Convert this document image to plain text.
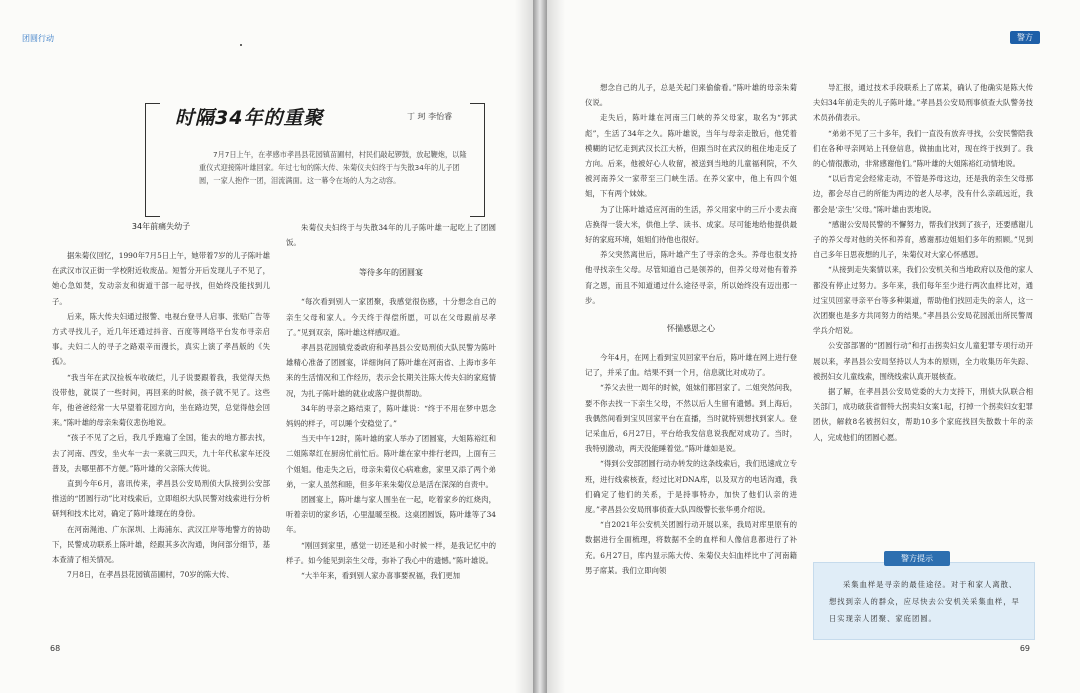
团圆行动
时隔34年的重聚	丁 珂 李怡睿
7月7日上午，在孝感市孝昌县花园镇苗圃村，村民们敲起锣鼓，放起鞭炮，以隆重仪式迎接陈叶雄回家。年过七旬的陈大传、朱菊仪夫妇终于与失散34年的儿子团圆，一家人抱作一团，泪流满面。这一幕令在场的人为之动容。
34年前痛失幼子

据朱菊仪回忆，1990年7月5日上午，她带着7岁的儿子陈叶雄在武汉市汉正街一学校附近收废品。短暂分开后发现儿子不见了，她心急如焚，发动亲友和街道干部一起寻找，但始终没能找到儿子。

后来，陈大传夫妇通过报警、电视台登寻人启事、张贴广告等方式寻找儿子，近几年还通过抖音、百度等网络平台发布寻亲启事。夫妇二人的寻子之路艰辛而漫长，真实上演了孝昌版的《失孤》。

“我当年在武汉捡板车收破烂，儿子说要跟着我，我觉得天热没带他，就误了一些时间，再回来的时候，孩子就不见了。这些年，他爸爸经常一大早望着花园方向，坐在路边哭，总觉得他会回来。”陈叶雄的母亲朱菊仪悲伤地说。

“孩子不见了之后，我几乎跑遍了全国，能去的地方都去找，去了河南、西安，坐火车一去一来就三四天，九十年代私家车还没普及，去哪里都不方便。”陈叶雄的父亲陈大传说。

直到今年6月，喜讯传来，孝昌县公安局刑侦大队接到公安部推送的“团圆行动”比对线索后，立即组织大队民警对线索进行分析研判和技术比对，确定了陈叶雄现在的身份。

在河南渑池、广东深圳、上海浦东、武汉江岸等地警方的协助下，民警成功联系上陈叶雄，经跟其多次沟通，询问部分细节，基本查清了相关情况。

7月8日，在孝昌县花园镇苗圃村，70岁的陈大传、

朱菊仪夫妇终于与失散34年的儿子陈叶雄一起吃上了团圆饭。

等待多年的团圆宴

“每次看到别人一家团聚，我感觉很伤感，十分想念自己的亲生父母和家人。今天终于得偿所愿，可以在父母跟前尽孝了。”见到双亲，陈叶雄这样感叹道。

孝昌县花园镇党委政府和孝昌县公安局刑侦大队民警为陈叶雄精心准备了团圆宴，详细询问了陈叶雄在河南省、上海市多年来的生活情况和工作经历，表示会长期关注陈大传夫妇的家庭情况，为扎子陈叶雄的就业或落户提供帮助。

34年的寻亲之路结束了，陈叶雄说：“终于不用在梦中思念妈妈的样子，可以睡个安稳觉了。”

当天中午12时，陈叶雄的家人举办了团圆宴，大姐陈裕红和二姐陈翠红在厨房忙前忙后。陈叶雄在家中排行老四，上面有三个姐姐。他走失之后，母亲朱菊仪心病难愈，家里又添了两个弟弟，一家人虽然和睦，但多年来朱菊仪总是活在深深的自责中。

团圆宴上，陈叶雄与家人围坐在一起，吃着家乡的红烧肉，听着亲切的家乡话，心里温暖至极。这桌团圆饭，陈叶雄等了34年。

“刚回到家里，感觉一切还是和小时候一样，是我记忆中的样子。如今能见到亲生父母，弥补了我心中的遗憾。”陈叶雄说。

“大半年来，看到别人家办喜事要祝福，我们更加

68
警方

想念自己的儿子，总是关起门来偷偷看。”陈叶雄的母亲朱菊仪说。

走失后，陈叶雄在河南三门峡的养父母家，取名为“郭武彪”，生活了34年之久。陈叶雄说，当年与母亲走散后，他凭着模糊的记忆走到武汉长江大桥，但跟当时在武汉的租住地走反了方向。后来，他被好心人收留，被送到当地的儿童福利院，不久被河南养父一家带至三门峡生活。在养父家中，他上有四个姐姐，下有两个妹妹。

为了让陈叶雄适应河南的生活，养父用家中的三斤小麦去商店换得一袋大米，供他上学、读书、成家。尽可能地给他提供最好的家庭环境，姐姐们待他也很好。

养父突然离世后，陈叶雄产生了寻亲的念头。养母也很支持他寻找亲生父母。尽管知道自己是领养的，但养父母对他有着养育之恩，而且不知道通过什么途径寻亲，所以始终没有迈出那一步。

怀揣感恩之心

今年4月，在网上看到宝贝回家平台后，陈叶雄在网上进行登记了，并采了血。结果不到一个月，信息就比对成功了。

“养父去世一周年的时候，姐妹们都回家了。二姐突然问我，要不你去找一下亲生父母，不然以后人生留有遗憾。到上海后，我偶然间看到宝贝回家平台在直播，当时就特别想找到家人。登记采血后，6月27日，平台给我发信息说我配对成功了。当时，我特别激动，两天没能睡着觉。”陈叶雄如是说。

“得到公安部团圆行动办转发的这条线索后，我们迅速成立专班，进行线索核查，经过比对DNA库，以及双方的电话沟通，我们确定了他们的关系，于是持事特办，加快了他们认亲的进度。”孝昌县公安局刑事侦查大队四级警长张华勇介绍说。

“自2021年公安机关团圆行动开展以来，我局对库里原有的数据进行全面梳理，将数据不全的血样和人像信息都进行了补充。6月27日，库内显示陈大传、朱菊仪夫妇血样比中了河南籍男子席某。我们立即向领

导汇报，通过技术手段联系上了席某，确认了他确实是陈大传夫妇34年前走失的儿子陈叶雄。”孝昌县公安局刑事侦查大队警务技术员孙倩表示。

“弟弟不见了三十多年，我们一直没有放弃寻找，公安民警陪我们在各种寻亲网站上刊登信息，做抽血比对，现在终于找到了。我的心情很激动，非常感谢他们。”陈叶雄的大姐陈裕红动情地说。

“以后肯定会经常走动，不管是养母这边，还是我的亲生父母那边，都会尽自己的所能为两边的老人尽孝，没有什么亲疏远近，我都会是‘亲生’父母。”陈叶雄由衷地说。

“感谢公安局民警的不懈努力，帮我们找到了孩子，还要感谢儿子的养父母对他的关怀和养育，感谢那边姐姐们多年的照顾。”见到自己多年日思夜想的儿子，朱菊仪对大家心怀感恩。

“从接到走失案情以来，我们公安机关和当地政府以及他的家人都没有停止过努力。多年来，我们每年至少进行两次血样比对，通过宝贝回家寻亲平台等多种渠道，帮助他们找回走失的亲人，这一次团聚也是多方共同努力的结果。”孝昌县公安局花园派出所民警周学兵介绍说。

公安部部署的“团圆行动”和打击拐卖妇女儿童犯罪专项行动开展以来，孝昌县公安局坚持以人为本的原则，全力收集历年失踪、被拐妇女儿童线索，围绕线索认真开展核查。

据了解，在孝昌县公安局党委的大力支持下，刑侦大队联合相关部门，成功破获省督特大拐卖妇女案1起，打掉一个拐卖妇女犯罪团伙，解救8名被拐妇女，帮助10多个家庭找回失散数十年的亲人，完成他们的团圆心愿。

69
警方提示
采集血样是寻亲的最佳途径。对于和家人离散、想找到亲人的群众，应尽快去公安机关采集血样，早日实现亲人团聚、家庭团圆。
